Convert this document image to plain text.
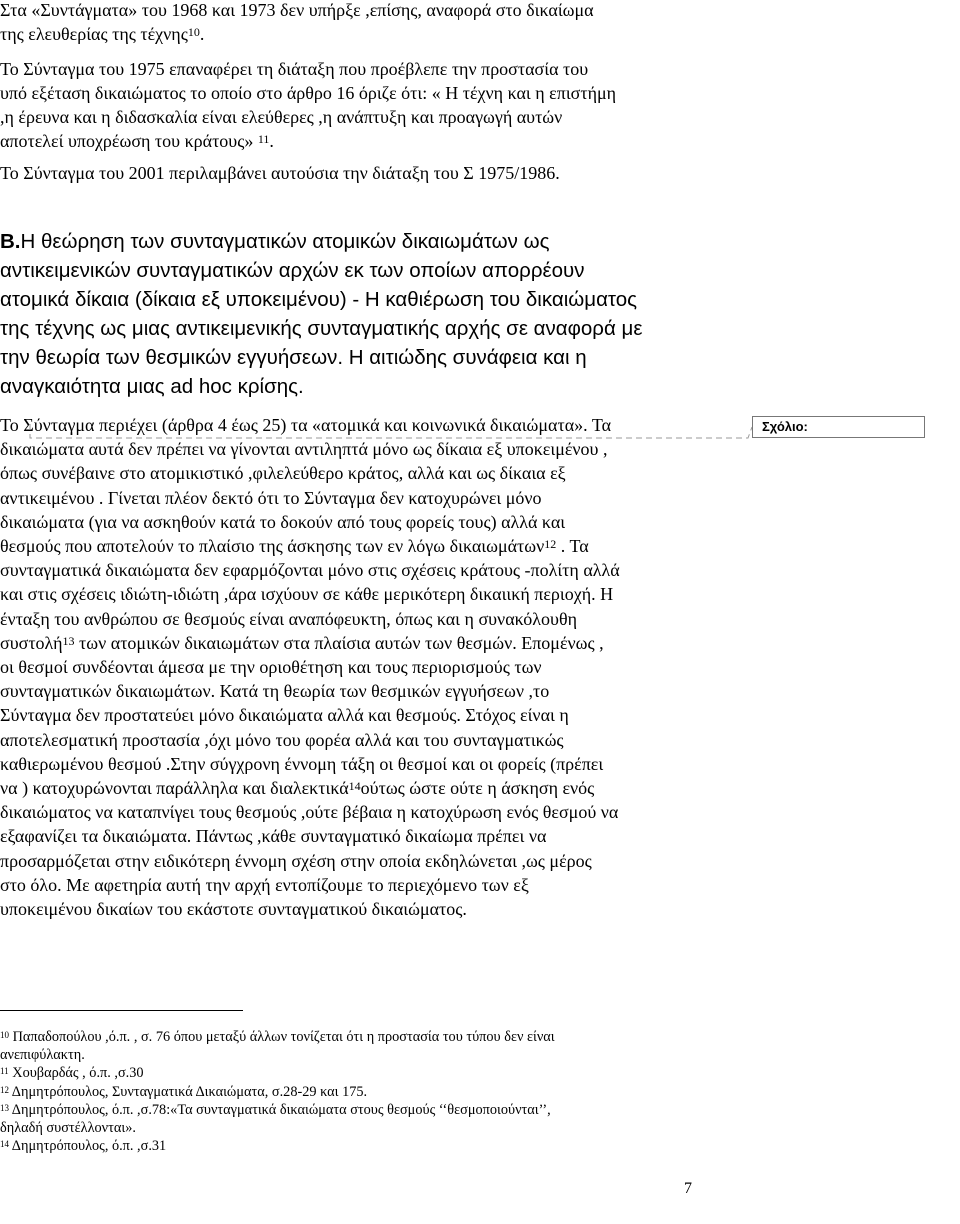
Στα «Συντάγματα» του 1968 και 1973 δεν υπήρξε ,επίσης, αναφορά στο δικαίωμα
της ελευθερίας της τέχνης$^{10}$.
Το Σύνταγμα του 1975 επαναφέρει τη διάταξη που προέβλεπε την προστασία του
υπό εξέταση δικαιώματος το οποίο στο άρθρο 16 όριζε ότι: « Η τέχνη και η επιστήμη
,η έρευνα και η διδασκαλία είναι ελεύθερες ,η ανάπτυξη και προαγωγή αυτών
αποτελεί υποχρέωση του κράτους» $^{11}$.
Το Σύνταγμα του 2001 περιλαμβάνει αυτούσια την διάταξη του Σ 1975/1986.
Β.Η θεώρηση των συνταγματικών ατομικών δικαιωμάτων ως
αντικειμενικών συνταγματικών αρχών εκ των οποίων απορρέουν
ατομικά δίκαια (δίκαια εξ υποκειμένου) - Η καθιέρωση του δικαιώματος
της τέχνης ως μιας αντικειμενικής συνταγματικής αρχής σε αναφορά με
την θεωρία των θεσμικών εγγυήσεων. Η αιτιώδης συνάφεια και η
αναγκαιότητα μιας ad hoc κρίσης.
Το Σύνταγμα περιέχει (άρθρα 4 έως 25) τα «ατομικά και κοινωνικά δικαιώματα». Τα
δικαιώματα αυτά δεν πρέπει να γίνονται αντιληπτά μόνο ως δίκαια εξ υποκειμένου ,
όπως συνέβαινε στο ατομικιστικό ,φιλελεύθερο κράτος, αλλά και ως δίκαια εξ
αντικειμένου . Γίνεται πλέον δεκτό ότι το Σύνταγμα δεν κατοχυρώνει μόνο
δικαιώματα (για να ασκηθούν κατά το δοκούν από τους φορείς τους) αλλά και
θεσμούς που αποτελούν το πλαίσιο της άσκησης των εν λόγω δικαιωμάτων$^{12}$ . Τα
συνταγματικά δικαιώματα δεν εφαρμόζονται μόνο στις σχέσεις κράτους -πολίτη αλλά
και στις σχέσεις ιδιώτη-ιδιώτη ,άρα ισχύουν σε κάθε μερικότερη δικαιική περιοχή. Η
ένταξη του ανθρώπου σε θεσμούς είναι αναπόφευκτη, όπως και η συνακόλουθη
συστολή$^{13}$ των ατομικών δικαιωμάτων στα πλαίσια αυτών των θεσμών. Επομένως ,
οι θεσμοί συνδέονται άμεσα με την οριοθέτηση και τους περιορισμούς των
συνταγματικών δικαιωμάτων. Κατά τη θεωρία των θεσμικών εγγυήσεων ,το
Σύνταγμα δεν προστατεύει μόνο δικαιώματα αλλά και θεσμούς. Στόχος είναι η
αποτελεσματική προστασία ,όχι μόνο του φορέα αλλά και του συνταγματικώς
καθιερωμένου θεσμού .Στην σύγχρονη έννομη τάξη οι θεσμοί και οι φορείς (πρέπει
να ) κατοχυρώνονται παράλληλα και διαλεκτικά$^{14}$ούτως ώστε ούτε η άσκηση ενός
δικαιώματος να καταπνίγει τους θεσμούς ,ούτε βέβαια η κατοχύρωση ενός θεσμού να
εξαφανίζει τα δικαιώματα. Πάντως ,κάθε συνταγματικό δικαίωμα πρέπει να
προσαρμόζεται στην ειδικότερη έννομη σχέση στην οποία εκδηλώνεται ,ως μέρος
στο όλο. Με αφετηρία αυτή την αρχή εντοπίζουμε το περιεχόμενο των εξ
υποκειμένου δικαίων του εκάστοτε συνταγματικού δικαιώματος.
Σχόλιο:
$^{10}$ Παπαδοπούλου ,ό.π. , σ. 76 όπου μεταξύ άλλων τονίζεται ότι η προστασία του τύπου δεν είναι
ανεπιφύλακτη.
$^{11}$ Χουβαρδάς , ό.π. ,σ.30
$^{12}$ Δημητρόπουλος, Συνταγματικά Δικαιώματα, σ.28-29 και 175.
$^{13}$ Δημητρόπουλος, ό.π. ,σ.78:«Τα συνταγματικά δικαιώματα στους θεσμούς ‘‘θεσμοποιούνται’’,
δηλαδή συστέλλονται».
$^{14}$ Δημητρόπουλος, ό.π. ,σ.31
7
